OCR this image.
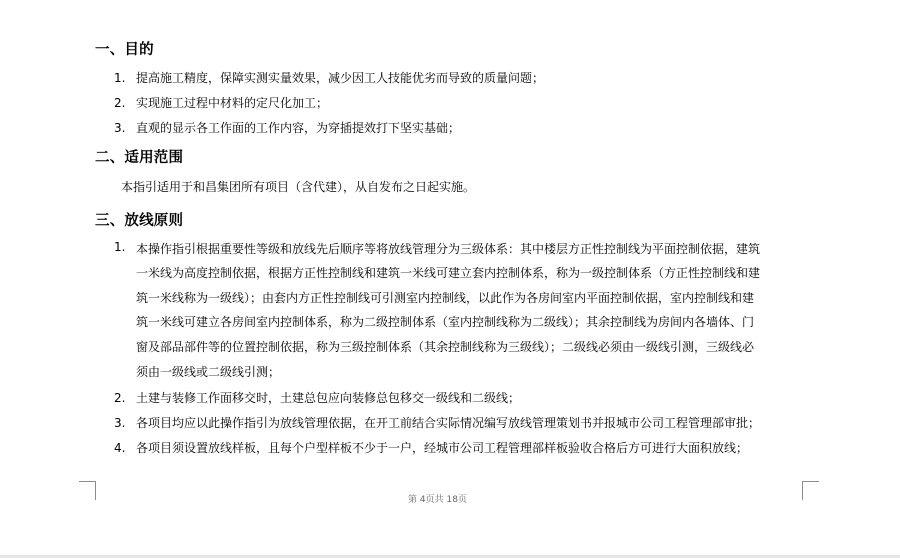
一、目的
1. 提高施工精度，保障实测实量效果，减少因工人技能优劣而导致的质量问题；
2. 实现施工过程中材料的定尺化加工；
3. 直观的显示各工作面的工作内容，为穿插提效打下坚实基础；
二、适用范围
本指引适用于和昌集团所有项目（含代建），从自发布之日起实施。
三、放线原则
1. 本操作指引根据重要性等级和放线先后顺序等将放线管理分为三级体系：其中楼层方正性控制线为平面控制依据，建筑
一米线为高度控制依据，根据方正性控制线和建筑一米线可建立套内控制体系，称为一级控制体系（方正性控制线和建
筑一米线称为一级线）；由套内方正性控制线可引测室内控制线，以此作为各房间室内平面控制依据，室内控制线和建
筑一米线可建立各房间室内控制体系，称为二级控制体系（室内控制线称为二级线）；其余控制线为房间内各墙体、门
窗及部品部件等的位置控制依据，称为三级控制体系（其余控制线称为三级线）；二级线必须由一级线引测，三级线必
须由一级线或二级线引测；
2. 土建与装修工作面移交时，土建总包应向装修总包移交一级线和二级线；
3. 各项目均应以此操作指引为放线管理依据，在开工前结合实际情况编写放线管理策划书并报城市公司工程管理部审批；
4. 各项目须设置放线样板，且每个户型样板不少于一户，经城市公司工程管理部样板验收合格后方可进行大面积放线；
第 4页共 18页
